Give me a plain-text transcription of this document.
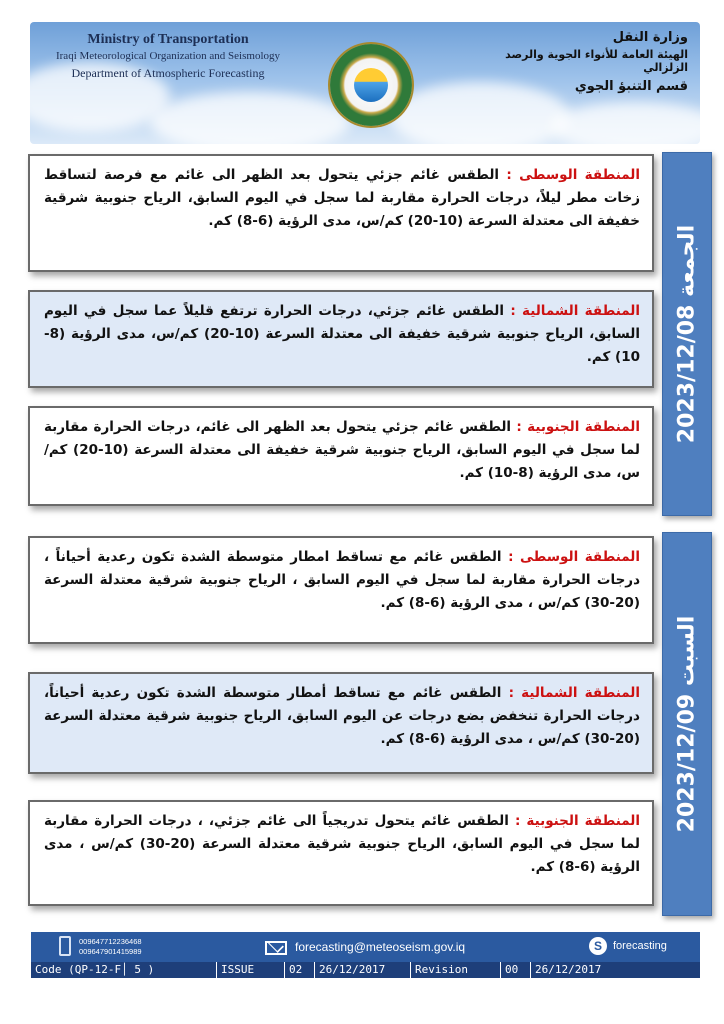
Ministry of Transportation
Iraqi Meteorological Organization and Seismology
Department of Atmospheric Forecasting
وزارة النقل
الهيئة العامة للأنواء الجوية والرصد الزلزالي
قسم التنبؤ الجوي
2023/12/08 الجمعة
المنطقة الوسطى : الطقس غائم جزئي يتحول بعد الظهر الى غائم مع فرصة لتساقط زخات مطر ليلاً، درجات الحرارة مقاربة لما سجل في اليوم السابق، الرياح جنوبية شرقية خفيفة الى معتدلة السرعة (10-20) كم/س، مدى الرؤية (6-8) كم.
المنطقة الشمالية : الطقس غائم جزئي، درجات الحرارة ترتفع قليلاً عما سجل في اليوم السابق، الرياح جنوبية شرقية خفيفة الى معتدلة السرعة (10-20) كم/س، مدى الرؤية (8-10) كم.
المنطقة الجنوبية : الطقس غائم جزئي يتحول بعد الظهر الى غائم، درجات الحرارة مقاربة لما سجل في اليوم السابق، الرياح جنوبية شرقية خفيفة الى معتدلة السرعة (10-20) كم/س، مدى الرؤية (8-10) كم.
2023/12/09 السبت
المنطقة الوسطى : الطقس غائم مع تساقط امطار متوسطة الشدة تكون رعدية أحياناً ، درجات الحرارة مقاربة لما سجل في اليوم السابق ، الرياح جنوبية شرقية معتدلة السرعة (20-30) كم/س ، مدى الرؤية (6-8) كم.
المنطقة الشمالية : الطقس غائم مع تساقط أمطار متوسطة الشدة تكون رعدية أحياناً، درجات الحرارة تنخفض بضع درجات عن اليوم السابق، الرياح جنوبية شرقية معتدلة السرعة (20-30) كم/س ، مدى الرؤية (6-8) كم.
المنطقة الجنوبية : الطقس غائم يتحول تدريجياً الى غائم جزئي، ، درجات الحرارة مقاربة لما سجل في اليوم السابق، الرياح جنوبية شرقية معتدلة السرعة (20-30) كم/س ، مدى الرؤية (6-8) كم.
009647712236468
009647901415989	forecasting@meteoseism.gov.iq	S	forecasting
Code (QP-12-F│ 5 )	ISSUE	02	26/12/2017	Revision	00	26/12/2017
